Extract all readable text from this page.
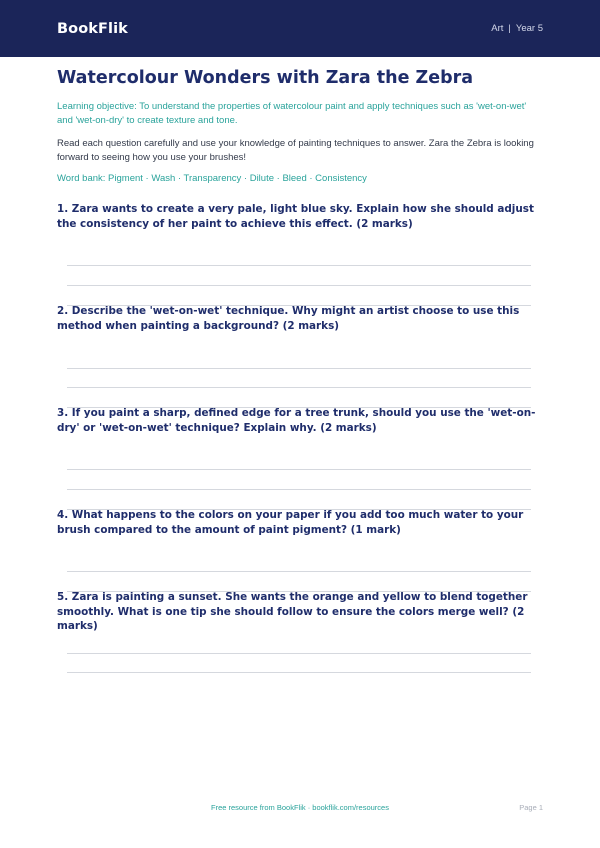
BookFlik	Art | Year 5
Watercolour Wonders with Zara the Zebra

Learning objective: To understand the properties of watercolour paint and apply techniques such as 'wet-on-wet' and 'wet-on-dry' to create texture and tone.

Read each question carefully and use your knowledge of painting techniques to answer. Zara the Zebra is looking forward to seeing how you use your brushes!

Word bank: Pigment · Wash · Transparency · Dilute · Bleed · Consistency

1. Zara wants to create a very pale, light blue sky. Explain how she should adjust the consistency of her paint to achieve this effect. (2 marks)

2. Describe the 'wet-on-wet' technique. Why might an artist choose to use this method when painting a background? (2 marks)

3. If you paint a sharp, defined edge for a tree trunk, should you use the 'wet-on-dry' or 'wet-on-wet' technique? Explain why. (2 marks)

4. What happens to the colors on your paper if you add too much water to your brush compared to the amount of paint pigment? (1 mark)

5. Zara is painting a sunset. She wants the orange and yellow to blend together smoothly. What is one tip she should follow to ensure the colors merge well? (2 marks)

Free resource from BookFlik · bookflik.com/resources	Page 1
